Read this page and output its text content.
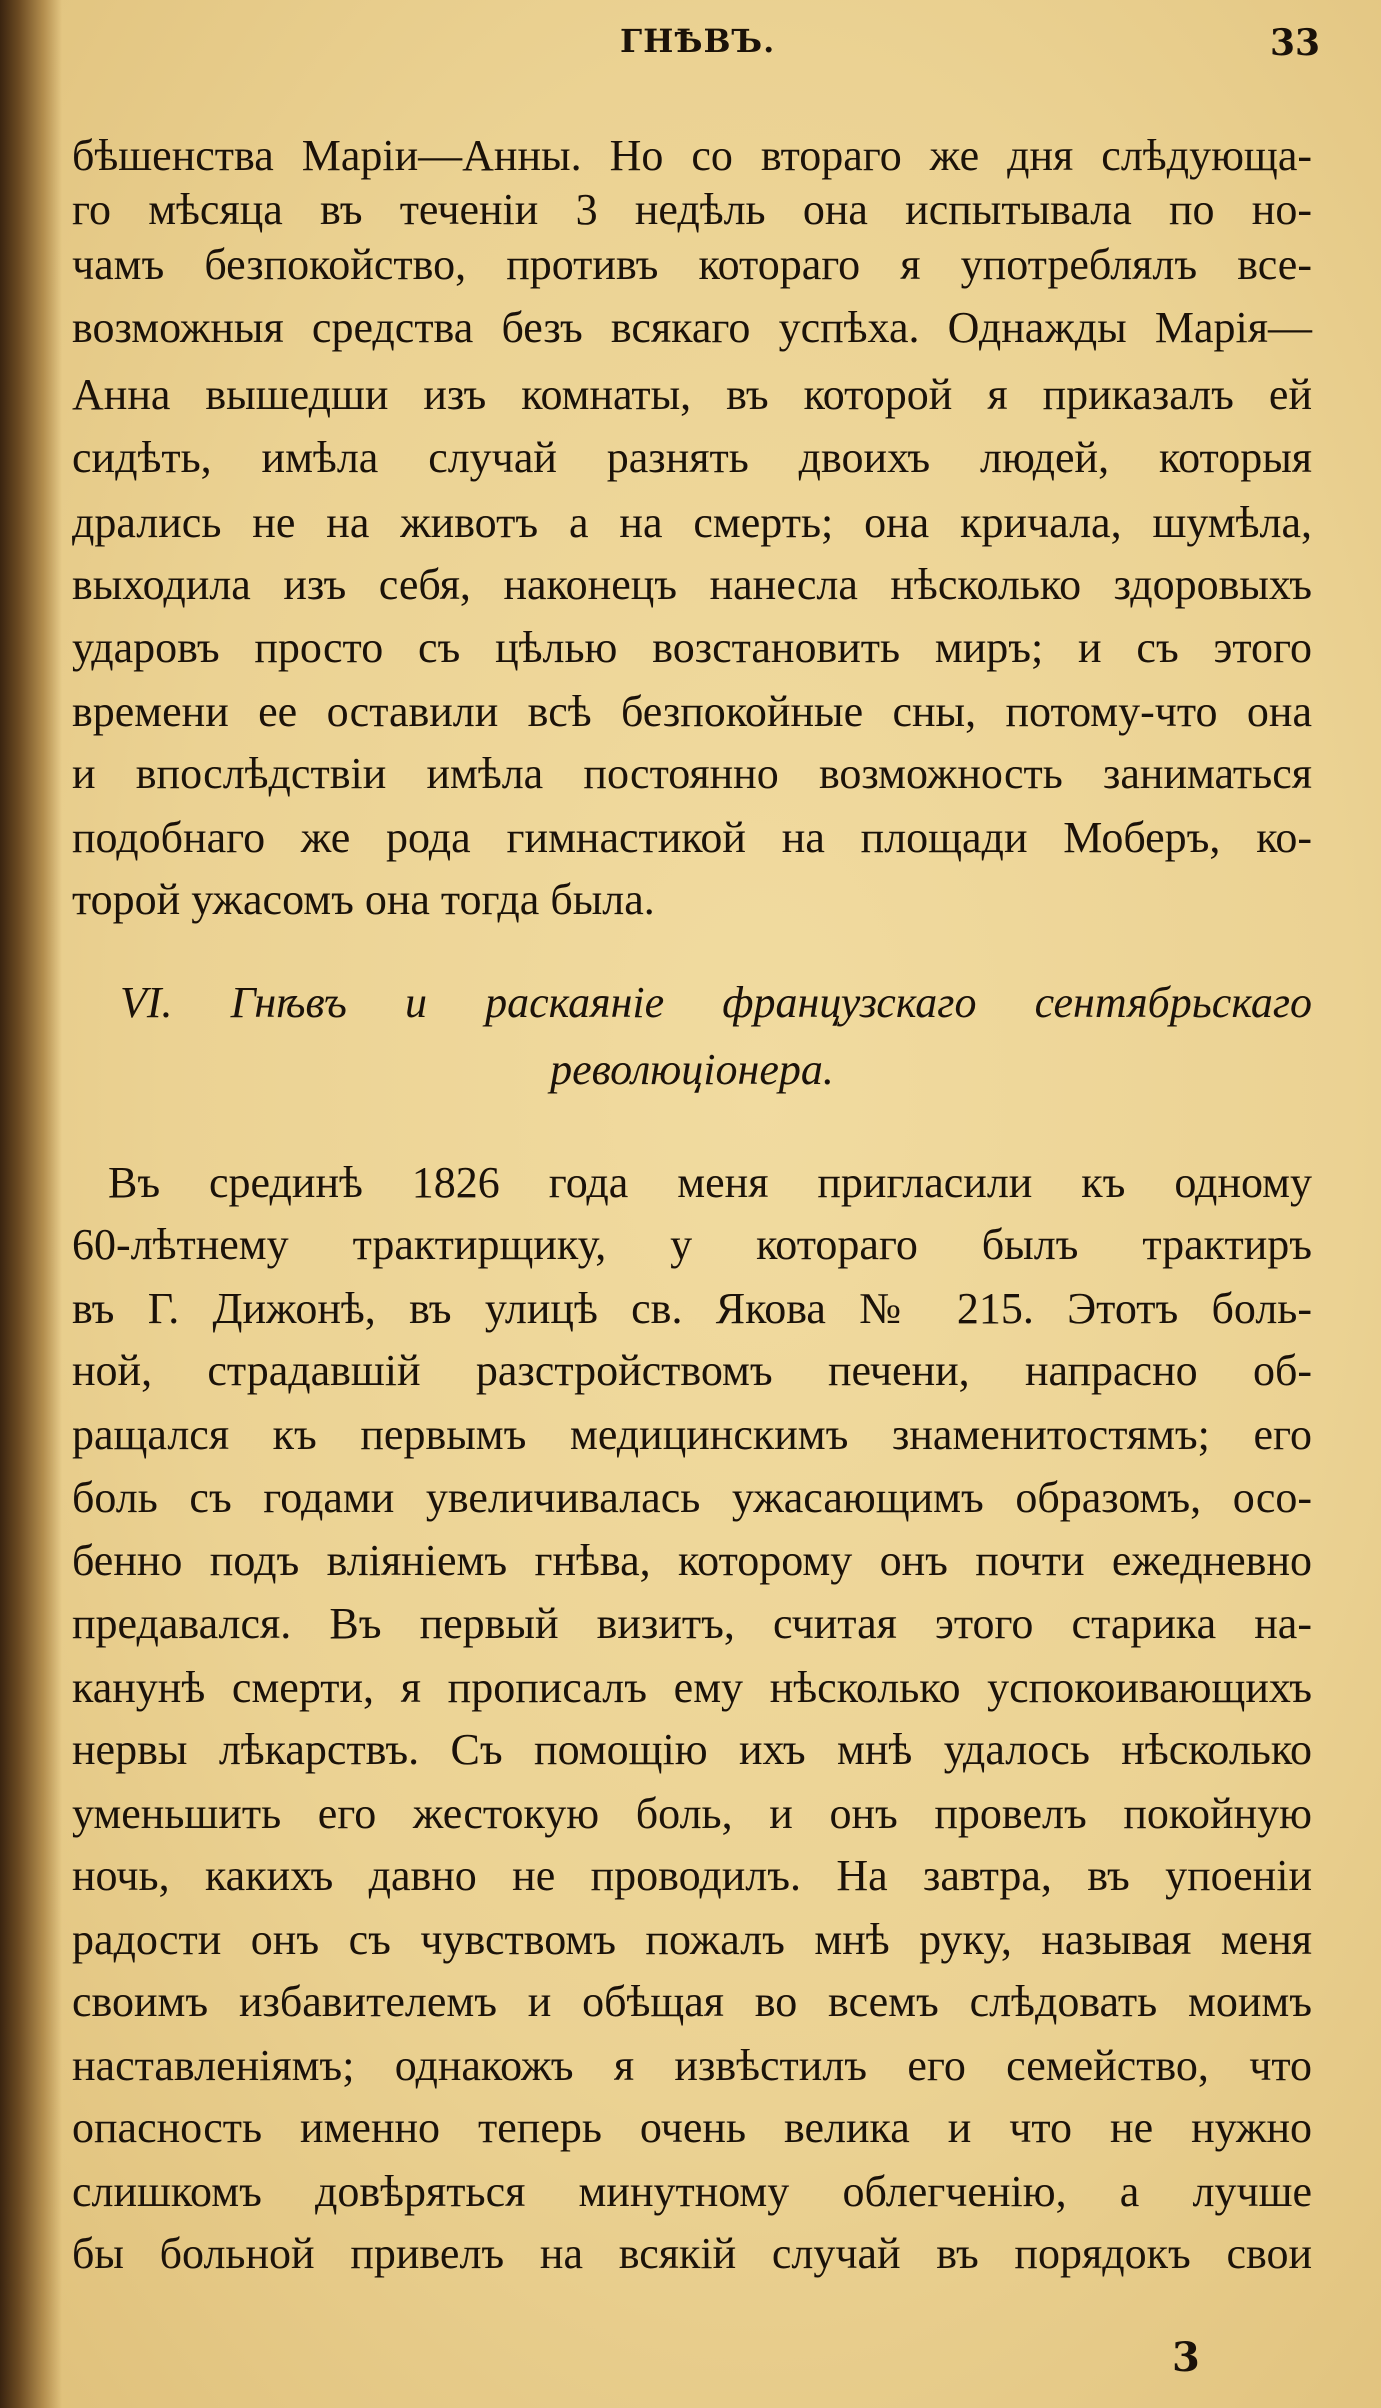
ГНѢВЪ.	33
бѣшенства Маріи—Анны. Но со втораго же дня слѣдующа-
го мѣсяца въ теченіи 3 недѣль она испытывала по но-
чамъ безпокойство, противъ котораго я употреблялъ все-
возможныя средства безъ всякаго успѣха. Однажды Марія—
Анна вышедши изъ комнаты, въ которой я приказалъ ей
сидѣть, имѣла случай разнять двоихъ людей, которыя
дрались не на животъ а на смерть; она кричала, шумѣла,
выходила изъ себя, наконецъ нанесла нѣсколько здоровыхъ
ударовъ просто съ цѣлью возстановить миръ; и съ этого
времени ее оставили всѣ безпокойные сны, потому-что она
и впослѣдствіи имѣла постоянно возможность заниматься
подобнаго же рода гимнастикой на площади Моберъ, ко-
торой ужасомъ она тогда была.
VI. Гнѣвъ и раскаяніе французскаго сентябрьскаго
революціонера.
Въ срединѣ 1826 года меня пригласили къ одному
60-лѣтнему трактирщику, у котораго былъ трактиръ
въ Г. Дижонѣ, въ улицѣ св. Якова № 215. Этотъ боль-
ной, страдавшій разстройствомъ печени, напрасно об-
ращался къ первымъ медицинскимъ знаменитостямъ; его
боль съ годами увеличивалась ужасающимъ образомъ, осо-
бенно подъ вліяніемъ гнѣва, которому онъ почти ежедневно
предавался. Въ первый визитъ, считая этого старика на-
канунѣ смерти, я прописалъ ему нѣсколько успокоивающихъ
нервы лѣкарствъ. Съ помощію ихъ мнѣ удалось нѣсколько
уменьшить его жестокую боль, и онъ провелъ покойную
ночь, какихъ давно не проводилъ. На завтра, въ упоеніи
радости онъ съ чувствомъ пожалъ мнѣ руку, называя меня
своимъ избавителемъ и обѣщая во всемъ слѣдовать моимъ
наставленіямъ; однакожъ я извѣстилъ его семейство, что
опасность именно теперь очень велика и что не нужно
слишкомъ довѣряться минутному облегченію, а лучше
бы больной привелъ на всякій случай въ порядокъ свои
3
